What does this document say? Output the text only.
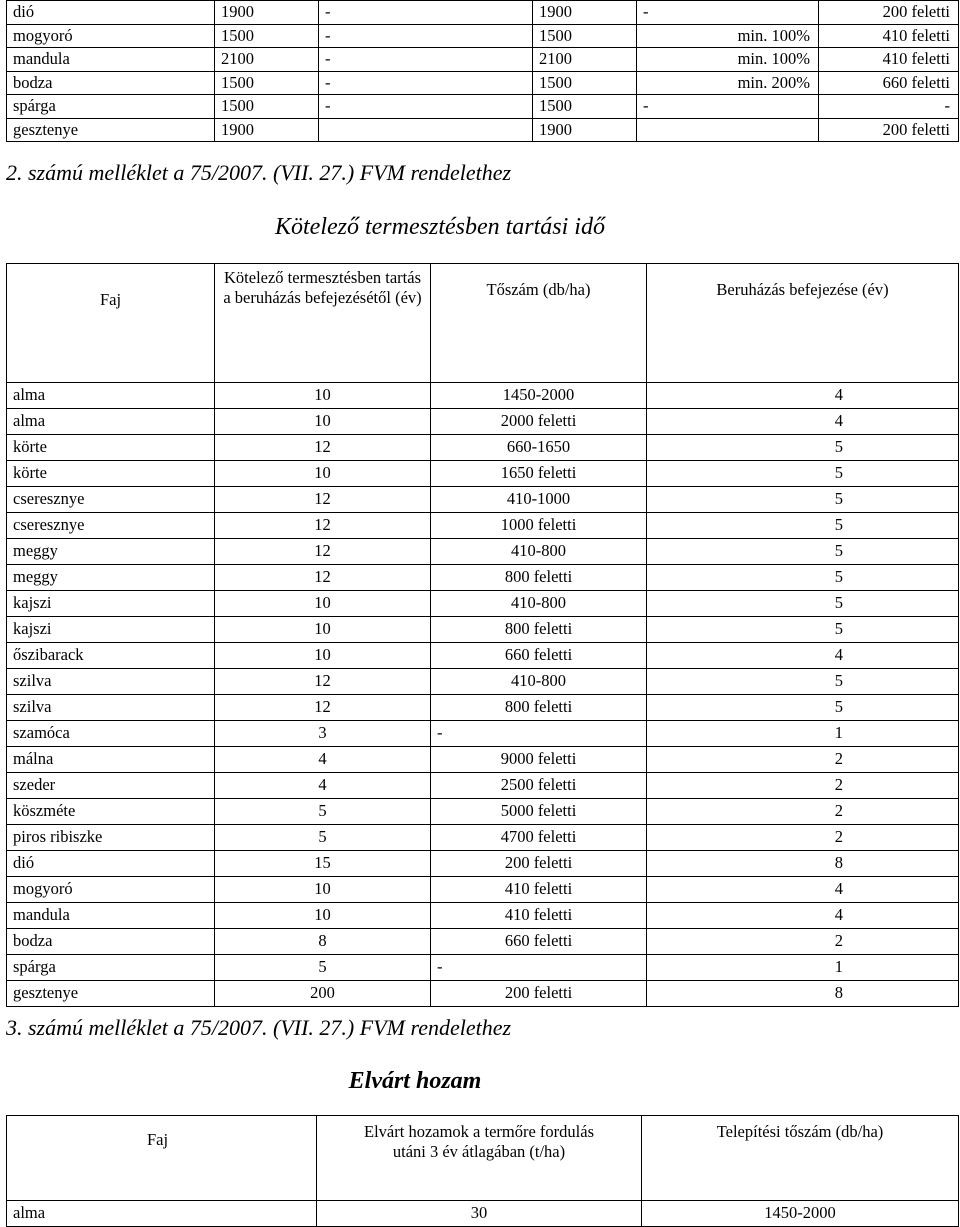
dió	1900	-	1900	-	200 feletti
mogyoró	1500	-	1500	min. 100%	410 feletti
mandula	2100	-	2100	min. 100%	410 feletti
bodza	1500	-	1500	min. 200%	660 feletti
spárga	1500	-	1500	-	-
gesztenye	1900		1900		200 feletti
2. számú melléklet a 75/2007. (VII. 27.) FVM rendelethez
Kötelező termesztésben tartási idő
Faj	Kötelező termesztésben tartás a beruházás befejezésétől (év)	Tőszám (db/ha)	Beruházás befejezése (év)
alma	10	1450-2000	4
alma	10	2000 feletti	4
körte	12	660-1650	5
körte	10	1650 feletti	5
cseresznye	12	410-1000	5
cseresznye	12	1000 feletti	5
meggy	12	410-800	5
meggy	12	800 feletti	5
kajszi	10	410-800	5
kajszi	10	800 feletti	5
őszibarack	10	660 feletti	4
szilva	12	410-800	5
szilva	12	800 feletti	5
szamóca	3	-	1
málna	4	9000 feletti	2
szeder	4	2500 feletti	2
köszméte	5	5000 feletti	2
piros ribiszke	5	4700 feletti	2
dió	15	200 feletti	8
mogyoró	10	410 feletti	4
mandula	10	410 feletti	4
bodza	8	660 feletti	2
spárga	5	-	1
gesztenye	200	200 feletti	8
3. számú melléklet a 75/2007. (VII. 27.) FVM rendelethez
Elvárt hozam
Faj	Elvárt hozamok a termőre fordulás utáni 3 év átlagában (t/ha)	Telepítési tőszám (db/ha)
alma	30	1450-2000
